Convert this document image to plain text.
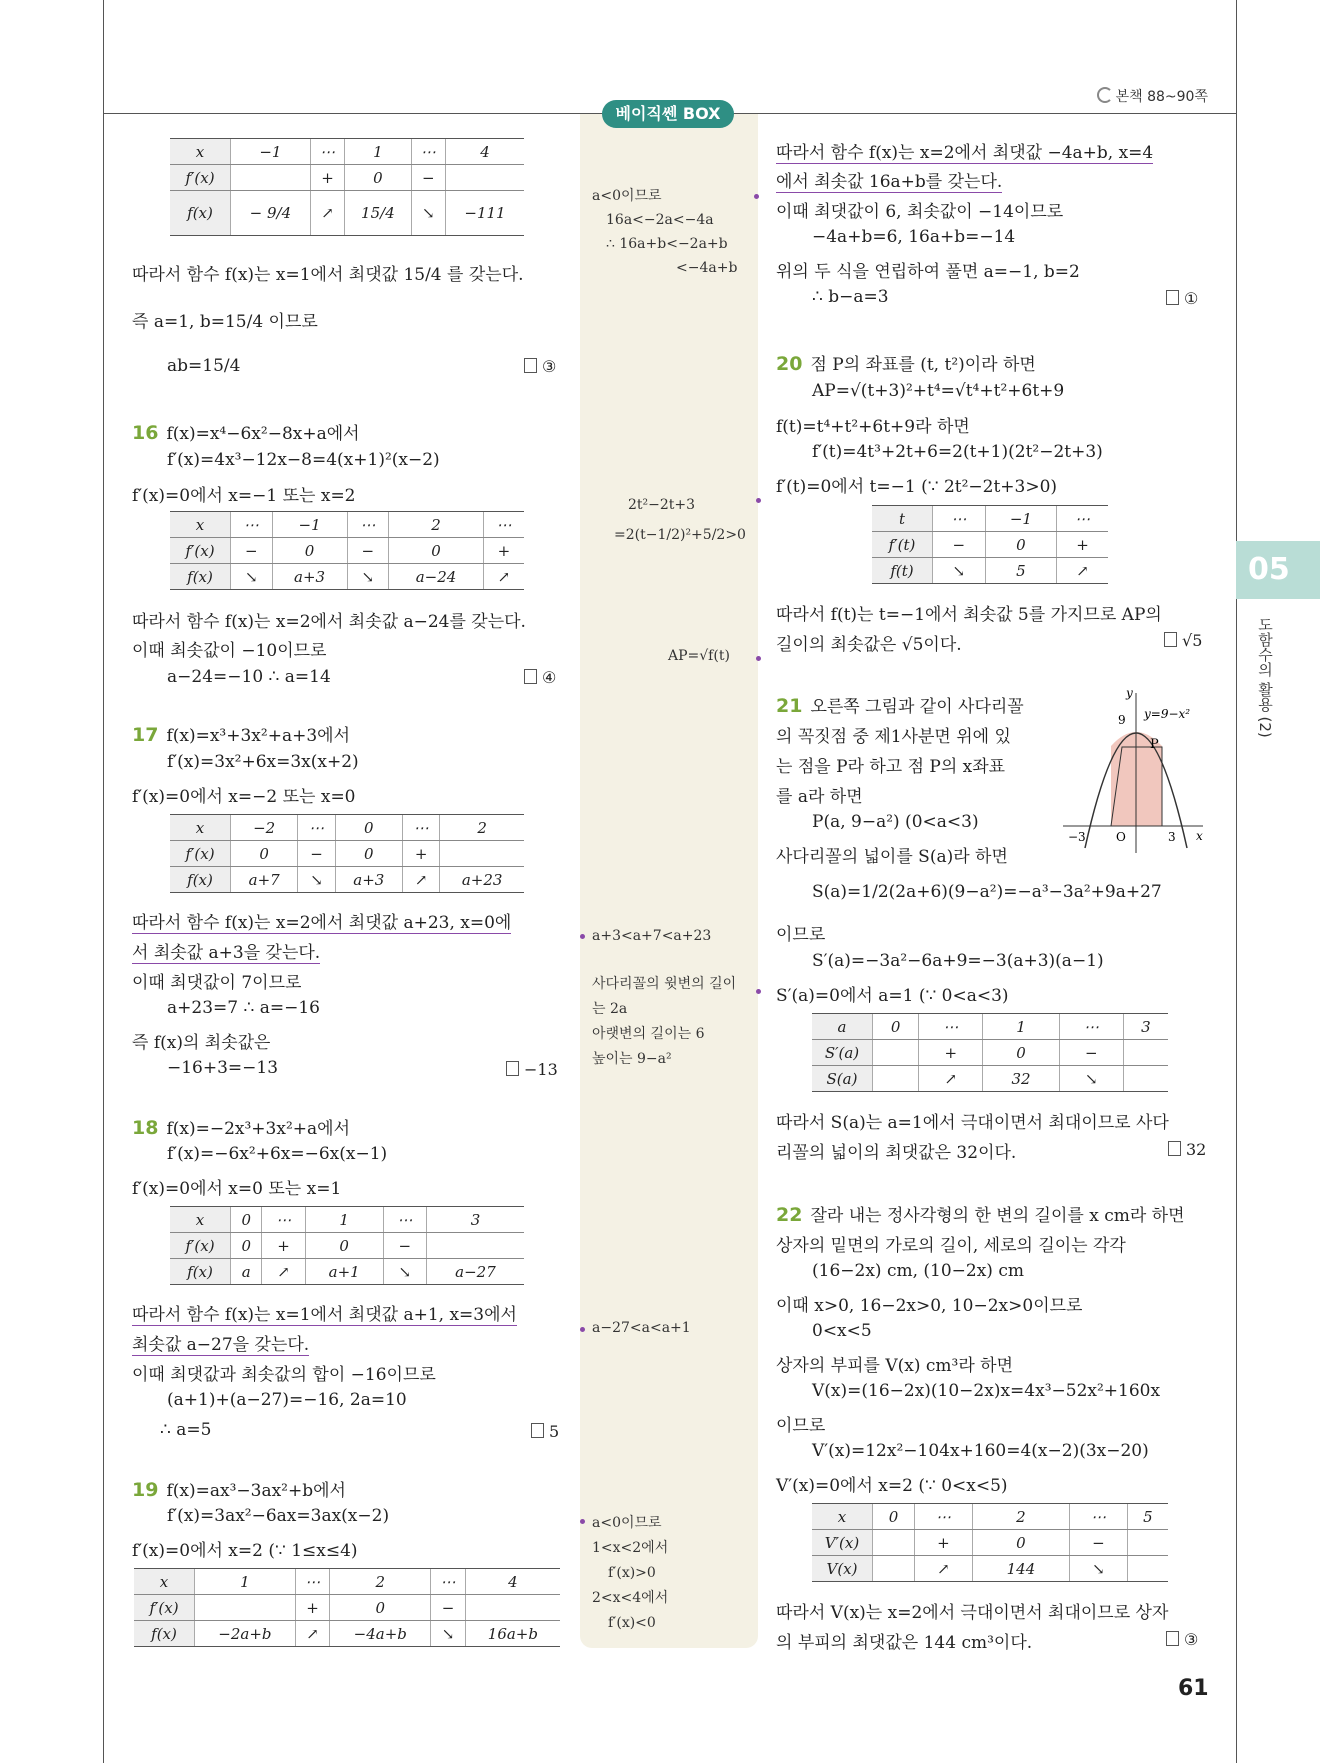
본책 88~90쪽
베이직쎈 BOX
05
도함수의 활용 (2)
x	−1	⋯	1	⋯	4
f′(x)		+	0	−	
f(x)	− 9/4	↗	15/4	↘	−111
따라서 함수 f(x)는 x=1에서 최댓값 15/4 를 갖는다.
즉 a=1, b=15/4 이므로
ab=15/4	③
16 f(x)=x⁴−6x²−8x+a에서
f′(x)=4x³−12x−8=4(x+1)²(x−2)
f′(x)=0에서 x=−1 또는 x=2
x	⋯	−1	⋯	2	⋯
f′(x)	−	0	−	0	+
f(x)	↘	a+3	↘	a−24	↗
따라서 함수 f(x)는 x=2에서 최솟값 a−24를 갖는다.
이때 최솟값이 −10이므로
a−24=−10 ∴ a=14	④
17 f(x)=x³+3x²+a+3에서
f′(x)=3x²+6x=3x(x+2)
f′(x)=0에서 x=−2 또는 x=0
x	−2	⋯	0	⋯	2
f′(x)	0	−	0	+	
f(x)	a+7	↘	a+3	↗	a+23
따라서 함수 f(x)는 x=2에서 최댓값 a+23, x=0에
서 최솟값 a+3을 갖는다.
이때 최댓값이 7이므로
a+23=7 ∴ a=−16
즉 f(x)의 최솟값은
−16+3=−13	−13
18 f(x)=−2x³+3x²+a에서
f′(x)=−6x²+6x=−6x(x−1)
f′(x)=0에서 x=0 또는 x=1
x	0	⋯	1	⋯	3
f′(x)	0	+	0	−	
f(x)	a	↗	a+1	↘	a−27
따라서 함수 f(x)는 x=1에서 최댓값 a+1, x=3에서
최솟값 a−27을 갖는다.
이때 최댓값과 최솟값의 합이 −16이므로
(a+1)+(a−27)=−16, 2a=10
∴ a=5	5
19 f(x)=ax³−3ax²+b에서
f′(x)=3ax²−6ax=3ax(x−2)
f′(x)=0에서 x=2 (∵ 1≤x≤4)
x	1	⋯	2	⋯	4
f′(x)		+	0	−	
f(x)	−2a+b	↗	−4a+b	↘	16a+b
a<0이므로
16a<−2a<−4a
∴ 16a+b<−2a+b
<−4a+b
2t²−2t+3
=2(t−1/2)²+5/2>0
AP=√f(t)
a+3<a+7<a+23
사다리꼴의 윗변의 길이
는 2a
아랫변의 길이는 6
높이는 9−a²
a−27<a<a+1
a<0이므로
1<x<2에서
f′(x)>0
2<x<4에서
f′(x)<0
따라서 함수 f(x)는 x=2에서 최댓값 −4a+b, x=4
에서 최솟값 16a+b를 갖는다.
이때 최댓값이 6, 최솟값이 −14이므로
−4a+b=6, 16a+b=−14
위의 두 식을 연립하여 풀면 a=−1, b=2
∴ b−a=3	①
20 점 P의 좌표를 (t, t²)이라 하면
AP=√(t+3)²+t⁴=√t⁴+t²+6t+9
f(t)=t⁴+t²+6t+9라 하면
f′(t)=4t³+2t+6=2(t+1)(2t²−2t+3)
f′(t)=0에서 t=−1 (∵ 2t²−2t+3>0)
t	⋯	−1	⋯
f′(t)	−	0	+
f(t)	↘	5	↗
따라서 f(t)는 t=−1에서 최솟값 5를 가지므로 AP의
길이의 최솟값은 √5이다.	√5
21 오른쪽 그림과 같이 사다리꼴
의 꼭짓점 중 제1사분면 위에 있
는 점을 P라 하고 점 P의 x좌표
를 a라 하면
P(a, 9−a²) (0<a<3)
사다리꼴의 넓이를 S(a)라 하면
S(a)=1/2(2a+6)(9−a²)=−a³−3a²+9a+27
이므로
S′(a)=−3a²−6a+9=−3(a+3)(a−1)
S′(a)=0에서 a=1 (∵ 0<a<3)
a	0	⋯	1	⋯	3
S′(a)		+	0	−	
S(a)		↗	32	↘	
따라서 S(a)는 a=1에서 극대이면서 최대이므로 사다
리꼴의 넓이의 최댓값은 32이다.	32
y
x
y=9−x²
9
P
−3	O	3
22 잘라 내는 정사각형의 한 변의 길이를 x cm라 하면
상자의 밑면의 가로의 길이, 세로의 길이는 각각
(16−2x) cm, (10−2x) cm
이때 x>0, 16−2x>0, 10−2x>0이므로
0<x<5
상자의 부피를 V(x) cm³라 하면
V(x)=(16−2x)(10−2x)x=4x³−52x²+160x
이므로
V′(x)=12x²−104x+160=4(x−2)(3x−20)
V′(x)=0에서 x=2 (∵ 0<x<5)
x	0	⋯	2	⋯	5
V′(x)		+	0	−	
V(x)		↗	144	↘	
따라서 V(x)는 x=2에서 극대이면서 최대이므로 상자
의 부피의 최댓값은 144 cm³이다.	③
61
